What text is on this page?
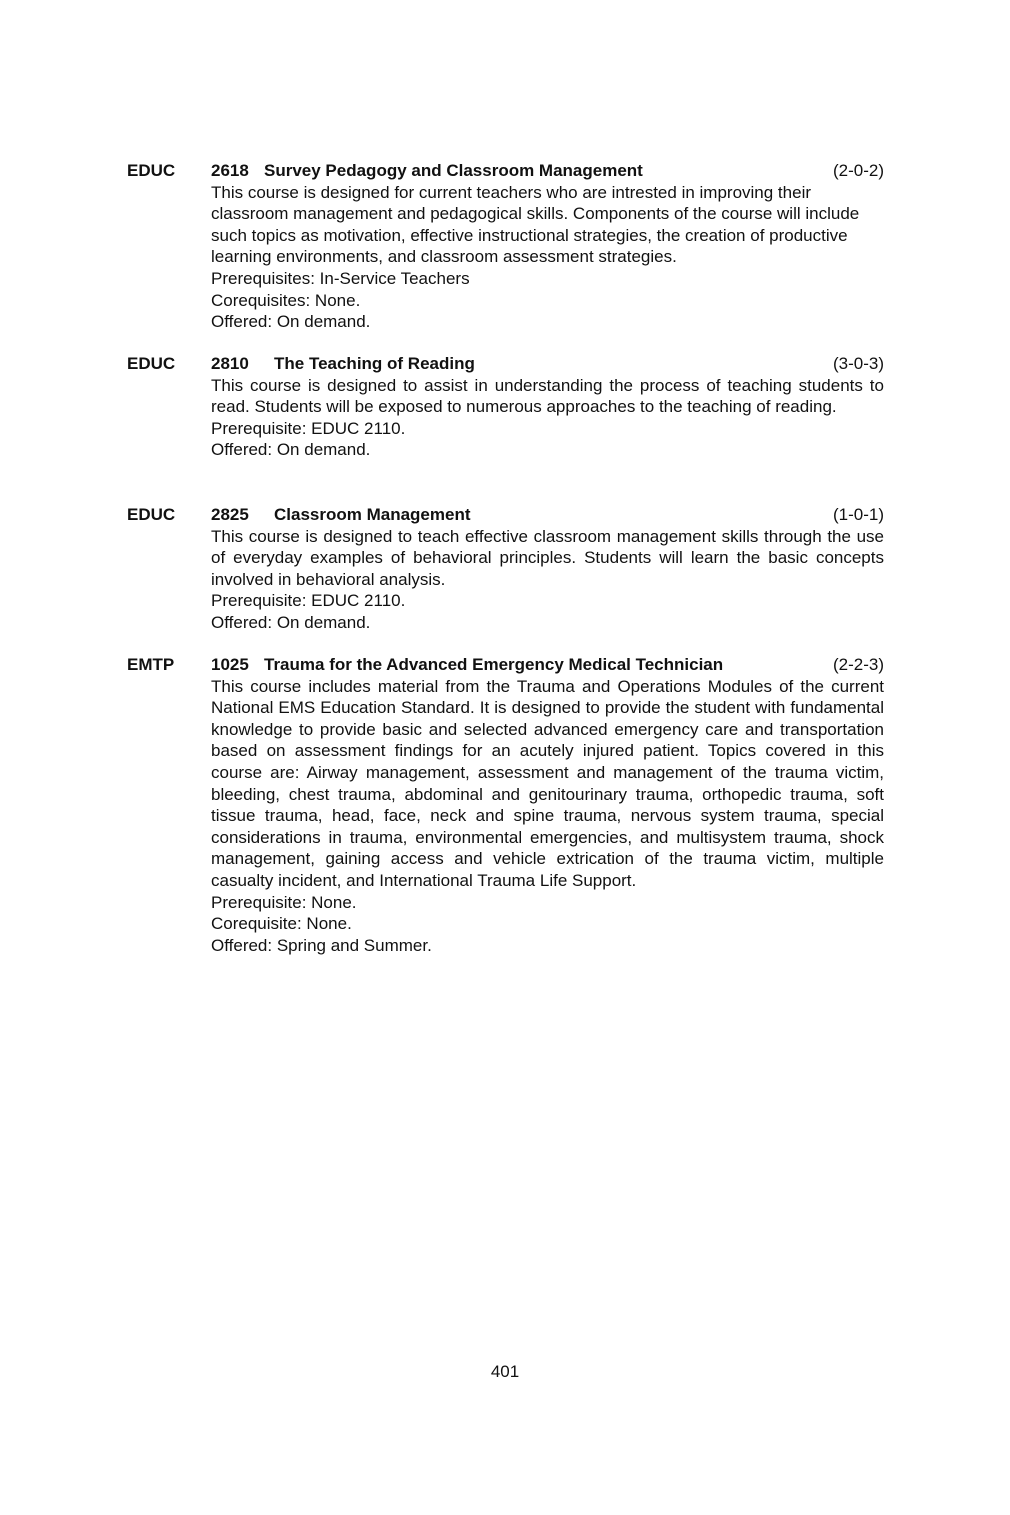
EDUC 2618 Survey Pedagogy and Classroom Management	(2-0-2)

This course is designed for current teachers who are intrested in improving their classroom management and pedagogical skills. Components of the course will include such topics as motivation, effective instructional strategies, the creation of productive learning environments, and classroom assessment strategies.

Prerequisites: In-Service Teachers

Corequisites: None.

Offered: On demand.

EDUC 2810 The Teaching of Reading	(3-0-3)

This course is designed to assist in understanding the process of teaching students to read. Students will be exposed to numerous approaches to the teaching of reading.

Prerequisite: EDUC 2110.

Offered: On demand.

EDUC 2825 Classroom Management	(1-0-1)

This course is designed to teach effective classroom management skills through the use of everyday examples of behavioral principles. Students will learn the basic concepts involved in behavioral analysis.

Prerequisite: EDUC 2110.

Offered: On demand.

EMTP 1025 Trauma for the Advanced Emergency Medical Technician	(2-2-3)

This course includes material from the Trauma and Operations Modules of the current National EMS Education Standard. It is designed to provide the student with fundamental knowledge to provide basic and selected advanced emergency care and transportation based on assessment findings for an acutely injured patient. Topics covered in this course are: Airway management, assessment and management of the trauma victim, bleeding, chest trauma, abdominal and genitourinary trauma, orthopedic trauma, soft tissue trauma, head, face, neck and spine trauma, nervous system trauma, special considerations in trauma, environmental emergencies, and multisystem trauma, shock management, gaining access and vehicle extrication of the trauma victim, multiple casualty incident, and International Trauma Life Support.

Prerequisite: None.

Corequisite: None.

Offered: Spring and Summer.

401
